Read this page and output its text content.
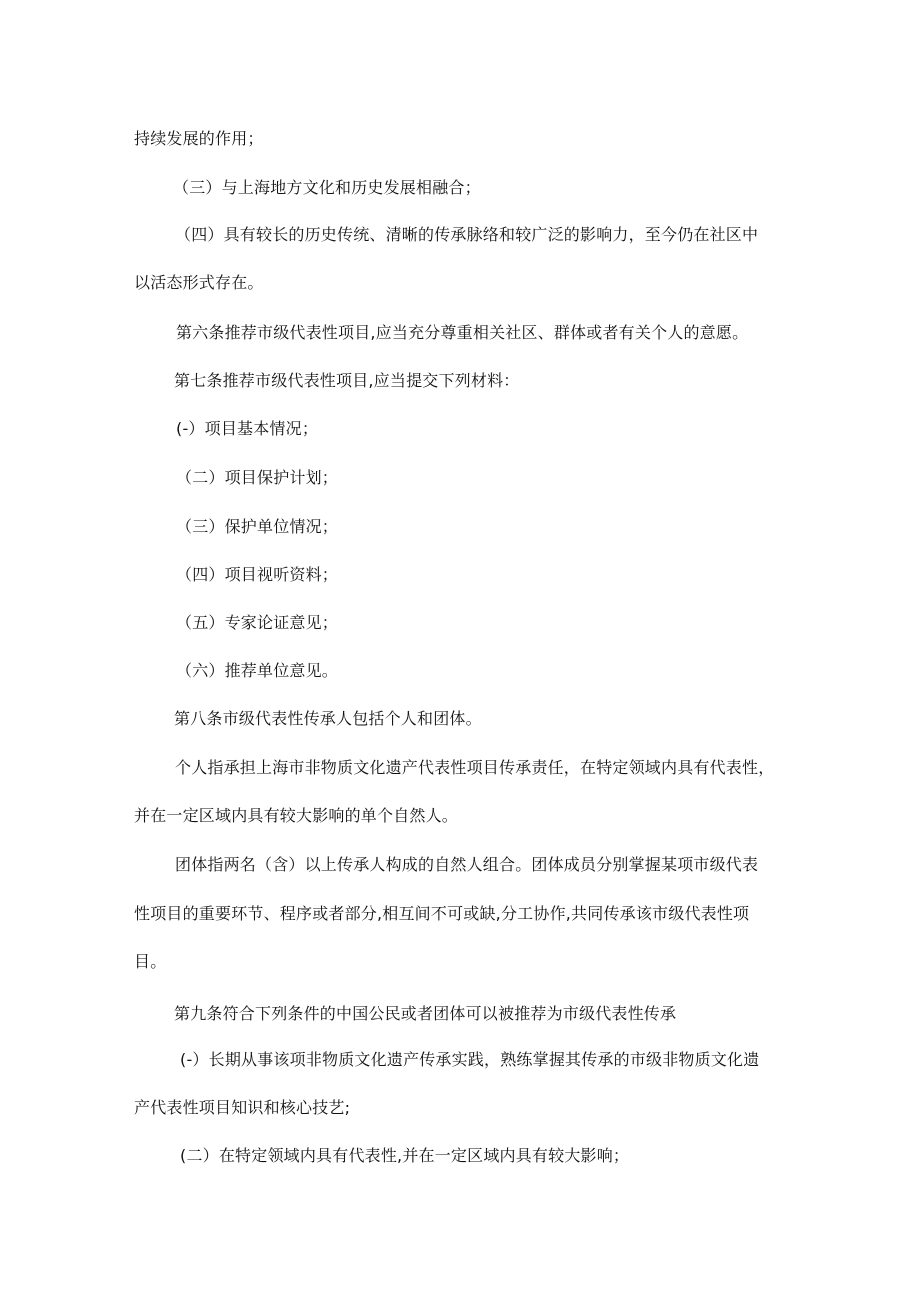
持续发展的作用；
（三）与上海地方文化和历史发展相融合；
（四）具有较长的历史传统、清晰的传承脉络和较广泛的影响力，至今仍在社区中
以活态形式存在。
第六条推荐市级代表性项目,应当充分尊重相关社区、群体或者有关个人的意愿。
第七条推荐市级代表性项目,应当提交下列材料：
(-）项目基本情况；
（二）项目保护计划；
（三）保护单位情况；
（四）项目视听资料；
（五）专家论证意见；
（六）推荐单位意见。
第八条市级代表性传承人包括个人和团体。
个人指承担上海市非物质文化遗产代表性项目传承责任，在特定领域内具有代表性，
并在一定区域内具有较大影响的单个自然人。
团体指两名（含）以上传承人构成的自然人组合。团体成员分别掌握某项市级代表
性项目的重要环节、程序或者部分,相互间不可或缺,分工协作,共同传承该市级代表性项
目。
第九条符合下列条件的中国公民或者团体可以被推荐为市级代表性传承
(-）长期从事该项非物质文化遗产传承实践，熟练掌握其传承的市级非物质文化遗
产代表性项目知识和核心技艺;
(二）在特定领域内具有代表性,并在一定区域内具有较大影响；
